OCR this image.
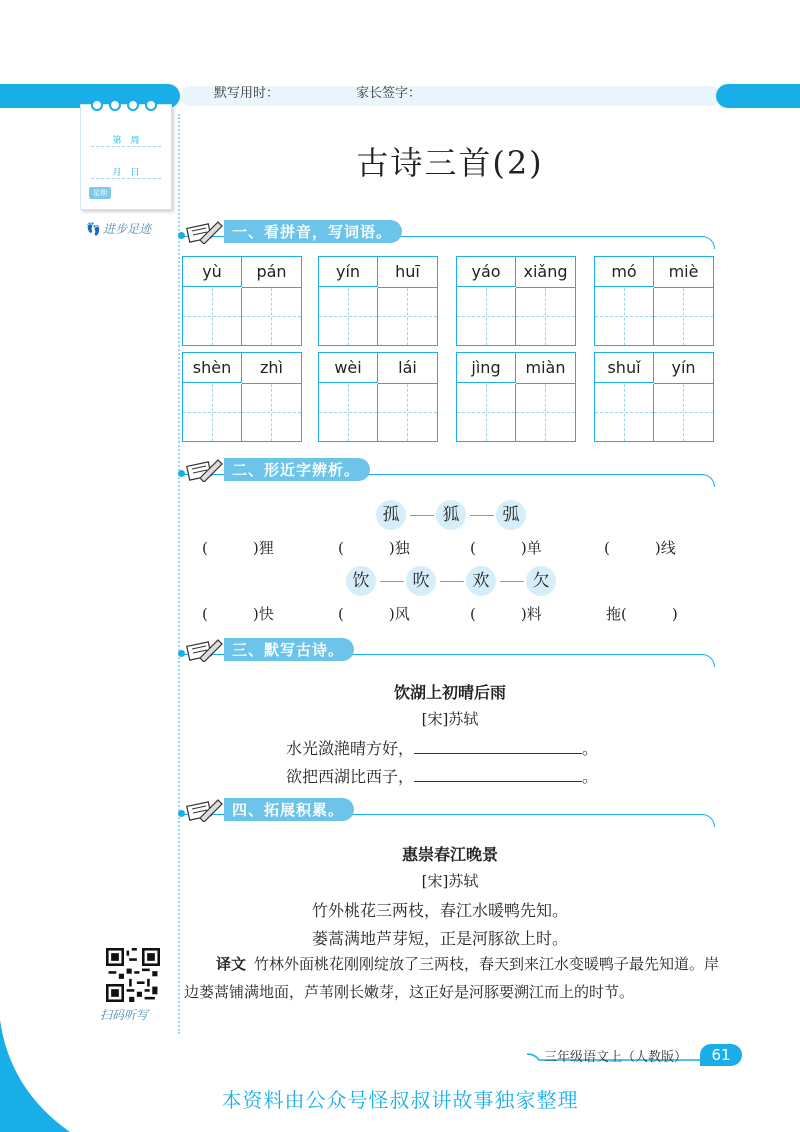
默写用时：	家长签字：
第　周
月　日
星期
👣 进步足迹
古诗三首(2)
一、看拼音，写词语。
yù	pán	yín	huī	yáo	xiǎng	mó	miè
shèn	zhì	wèi	lái	jìng	miàn	shuǐ	yín
二、形近字辨析。
孤	狐	弧
(　　　)狸	(　　　)独	(　　　)单	(　　　)线
饮	吹	欢	欠
(　　　)快	(　　　)风	(　　　)料	拖(　　　)
三、默写古诗。
饮湖上初晴后雨
[宋]苏轼
水光潋滟晴方好，	。
欲把西湖比西子，	。
四、拓展积累。
惠崇春江晚景
[宋]苏轼
竹外桃花三两枝，春江水暖鸭先知。
蒌蒿满地芦芽短，正是河豚欲上时。
译文 竹林外面桃花刚刚绽放了三两枝，春天到来江水变暖鸭子最先知道。岸边蒌蒿铺满地面，芦苇刚长嫩芽，这正好是河豚要溯江而上的时节。
扫码听写
三年级语文上（人教版）	61
本资料由公众号怪叔叔讲故事独家整理
